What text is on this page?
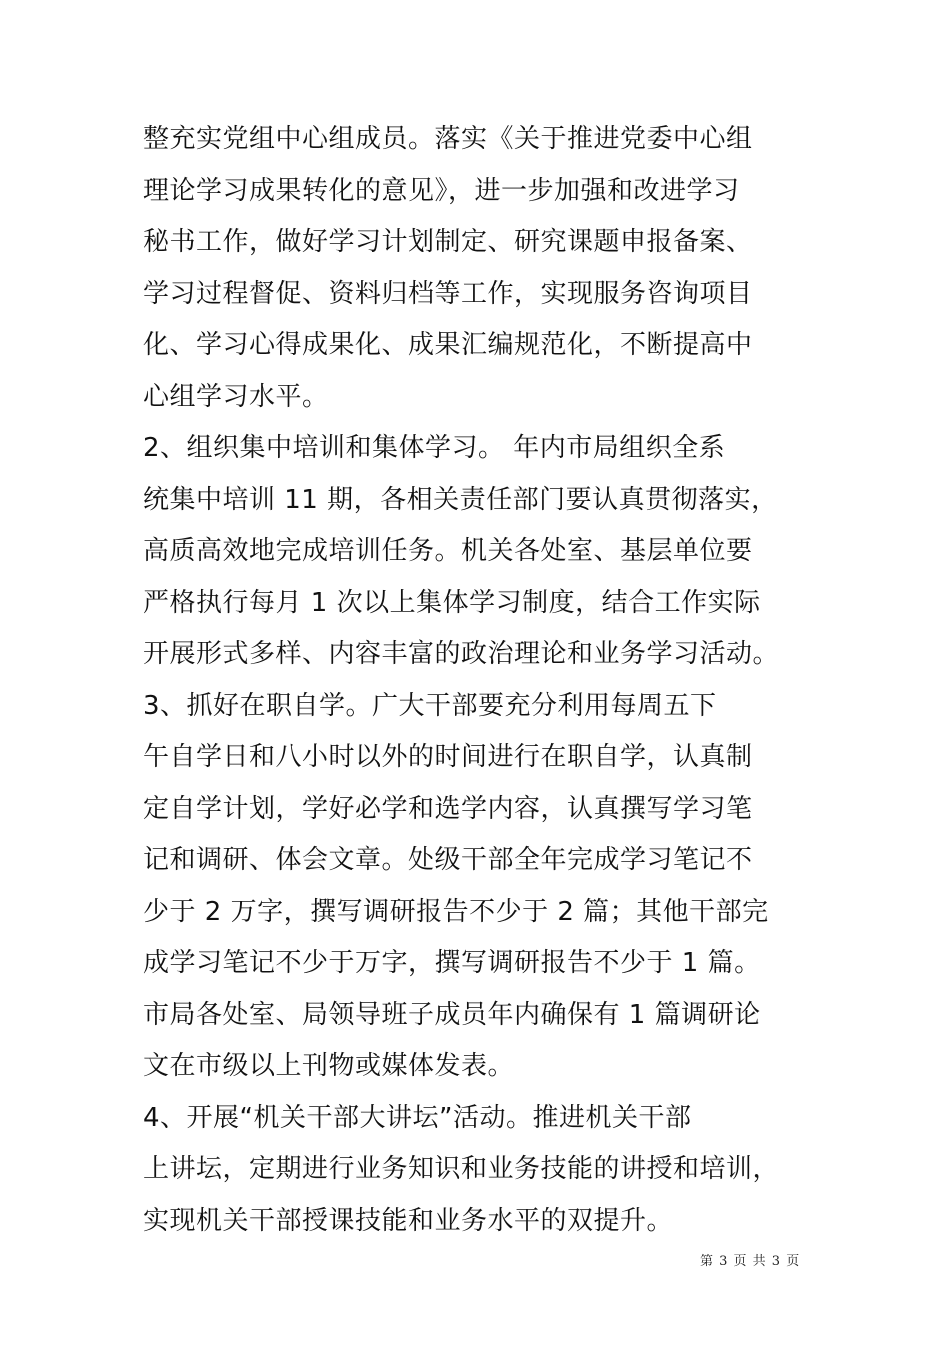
整充实党组中心组成员。落实《关于推进党委中心组
理论学习成果转化的意见》，进一步加强和改进学习
秘书工作，做好学习计划制定、研究课题申报备案、
学习过程督促、资料归档等工作，实现服务咨询项目
化、学习心得成果化、成果汇编规范化，不断提高中
心组学习水平。
2、组织集中培训和集体学习。 年内市局组织全系
统集中培训 11 期，各相关责任部门要认真贯彻落实，
高质高效地完成培训任务。机关各处室、基层单位要
严格执行每月 1 次以上集体学习制度，结合工作实际
开展形式多样、内容丰富的政治理论和业务学习活动。
3、抓好在职自学。广大干部要充分利用每周五下
午自学日和八小时以外的时间进行在职自学，认真制
定自学计划，学好必学和选学内容，认真撰写学习笔
记和调研、体会文章。处级干部全年完成学习笔记不
少于 2 万字，撰写调研报告不少于 2 篇；其他干部完
成学习笔记不少于万字，撰写调研报告不少于 1 篇。
市局各处室、局领导班子成员年内确保有 1 篇调研论
文在市级以上刊物或媒体发表。
4、开展“机关干部大讲坛”活动。推进机关干部
上讲坛，定期进行业务知识和业务技能的讲授和培训，
实现机关干部授课技能和业务水平的双提升。
第 3 页 共 3 页
